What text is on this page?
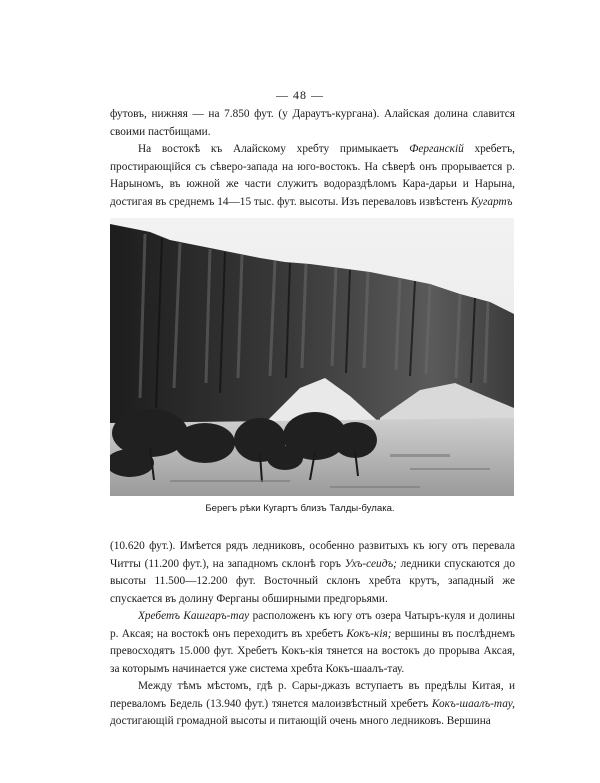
— 48 —

футовъ, нижняя — на 7.850 фут. (у Дараутъ-кургана). Алайская долина славится своими пастбищами.

На востокѣ къ Алайскому хребту примыкаетъ Ферганскій хребетъ, простирающійся съ сѣверо-запада на юго-востокъ. На сѣверѣ онъ прорывается р. Нарыномъ, въ южной же части служитъ водораздѣломъ Кара-дарьи и Нарына, достигая въ среднемъ 14—15 тыс. фут. высоты. Изъ переваловъ извѣстенъ Кугартъ

Берегъ рѣки Кугартъ близъ Талды-булака.

(10.620 фут.). Имѣется рядъ ледниковъ, особенно развитыхъ къ югу отъ перевала Читты (11.200 фут.), на западномъ склонѣ горъ Ухъ-сеидъ; ледники спускаются до высоты 11.500—12.200 фут. Восточный склонъ хребта крутъ, западный же спускается въ долину Ферганы обширными предгорьями.

Хребетъ Кашгаръ-тау расположенъ къ югу отъ озера Чатыръ-куля и долины р. Аксая; на востокѣ онъ переходитъ въ хребетъ Кокъ-кія; вершины въ послѣднемъ превосходятъ 15.000 фут. Хребетъ Кокъ-кія тянется на востокъ до прорыва Аксая, за которымъ начинается уже система хребта Кокъ-шаалъ-тау.

Между тѣмъ мѣстомъ, гдѣ р. Сары-джазъ вступаетъ въ предѣлы Китая, и переваломъ Бедель (13.940 фут.) тянется малоизвѣстный хребетъ Кокъ-шаалъ-тау, достигающій громадной высоты и питающій очень много ледниковъ. Вершина
